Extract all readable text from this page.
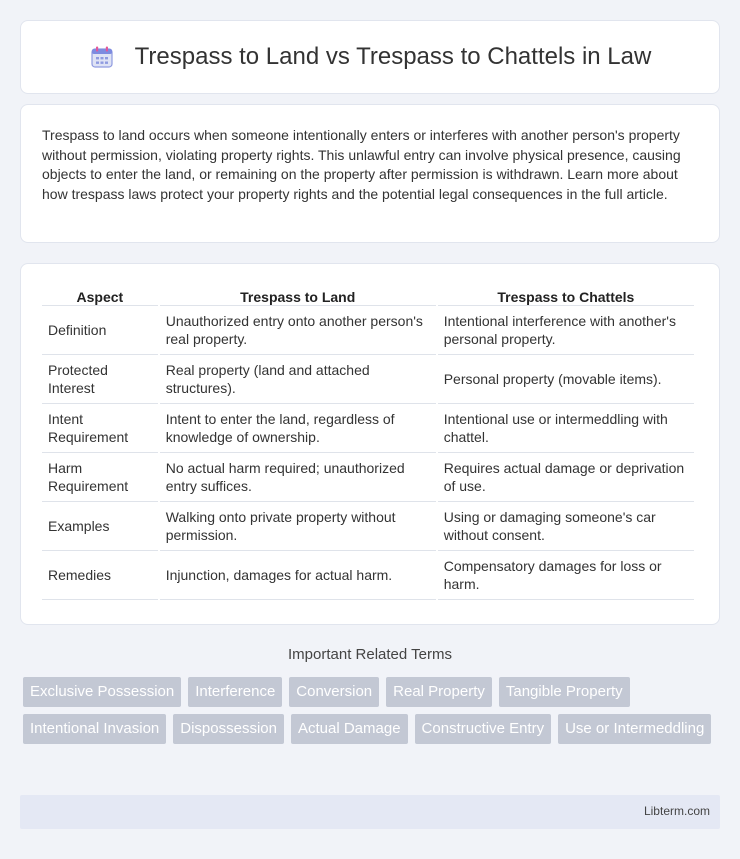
Trespass to Land vs Trespass to Chattels in Law

Trespass to land occurs when someone intentionally enters or interferes with another person's property without permission, violating property rights. This unlawful entry can involve physical presence, causing objects to enter the land, or remaining on the property after permission is withdrawn. Learn more about how trespass laws protect your property rights and the potential legal consequences in the full article.

Aspect	Trespass to Land	Trespass to Chattels
Definition	Unauthorized entry onto another person's real property.	Intentional interference with another's personal property.
Protected Interest	Real property (land and attached structures).	Personal property (movable items).
Intent Requirement	Intent to enter the land, regardless of knowledge of ownership.	Intentional use or intermeddling with chattel.
Harm Requirement	No actual harm required; unauthorized entry suffices.	Requires actual damage or deprivation of use.
Examples	Walking onto private property without permission.	Using or damaging someone's car without consent.
Remedies	Injunction, damages for actual harm.	Compensatory damages for loss or harm.
Important Related Terms
Exclusive Possession	Interference	Conversion	Real Property	Tangible Property
Intentional Invasion	Dispossession	Actual Damage	Constructive Entry	Use or Intermeddling
Libterm.com
